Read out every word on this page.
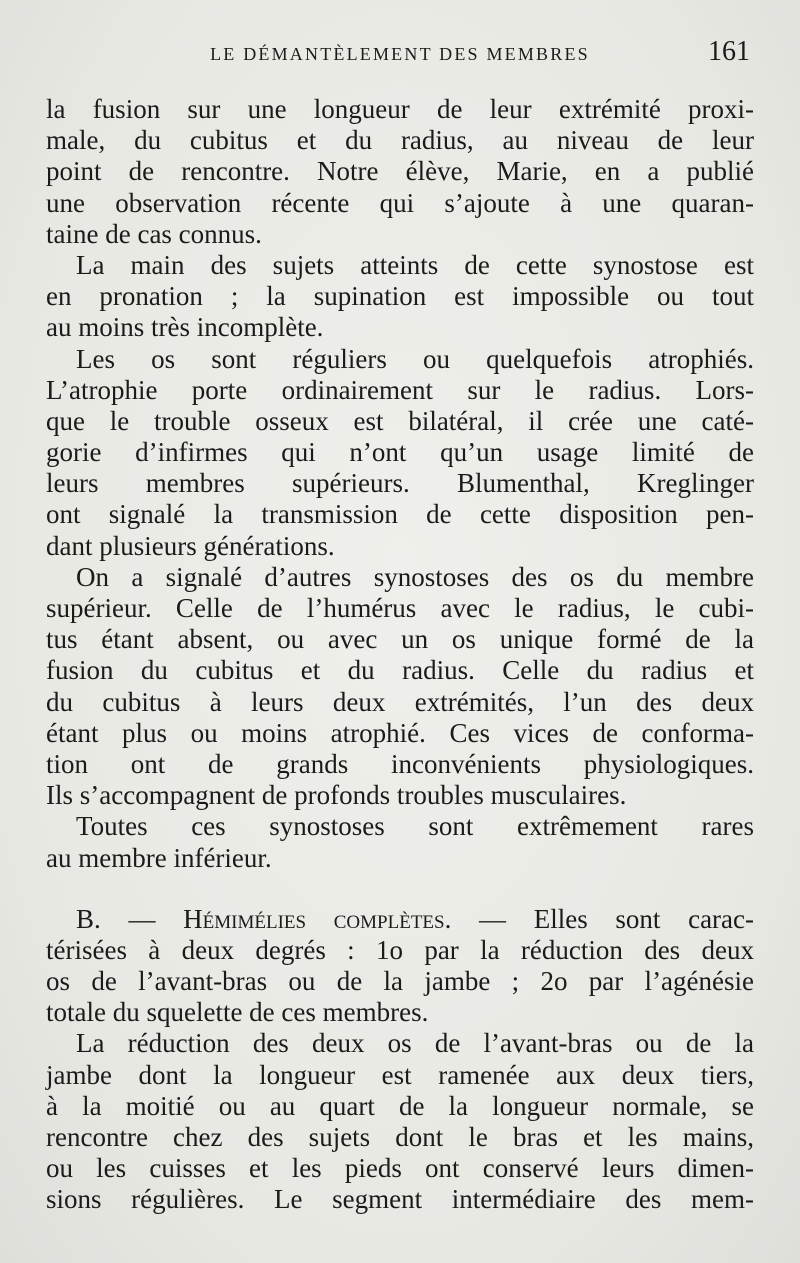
LE DÉMANTÈLEMENT DES MEMBRES	161
la fusion sur une longueur de leur extrémité proxi-
male, du cubitus et du radius, au niveau de leur
point de rencontre. Notre élève, Marie, en a publié
une observation récente qui s’ajoute à une quaran-
taine de cas connus.
La main des sujets atteints de cette synostose est
en pronation ; la supination est impossible ou tout
au moins très incomplète.
Les os sont réguliers ou quelquefois atrophiés.
L’atrophie porte ordinairement sur le radius. Lors-
que le trouble osseux est bilatéral, il crée une caté-
gorie d’infirmes qui n’ont qu’un usage limité de
leurs membres supérieurs. Blumenthal, Kreglinger
ont signalé la transmission de cette disposition pen-
dant plusieurs générations.
On a signalé d’autres synostoses des os du membre
supérieur. Celle de l’humérus avec le radius, le cubi-
tus étant absent, ou avec un os unique formé de la
fusion du cubitus et du radius. Celle du radius et
du cubitus à leurs deux extrémités, l’un des deux
étant plus ou moins atrophié. Ces vices de conforma-
tion ont de grands inconvénients physiologiques.
Ils s’accompagnent de profonds troubles musculaires.
Toutes ces synostoses sont extrêmement rares
au membre inférieur.
B. — Hémimélies complètes. — Elles sont carac-
térisées à deux degrés : 1o par la réduction des deux
os de l’avant-bras ou de la jambe ; 2o par l’agénésie
totale du squelette de ces membres.
La réduction des deux os de l’avant-bras ou de la
jambe dont la longueur est ramenée aux deux tiers,
à la moitié ou au quart de la longueur normale, se
rencontre chez des sujets dont le bras et les mains,
ou les cuisses et les pieds ont conservé leurs dimen-
sions régulières. Le segment intermédiaire des mem-
